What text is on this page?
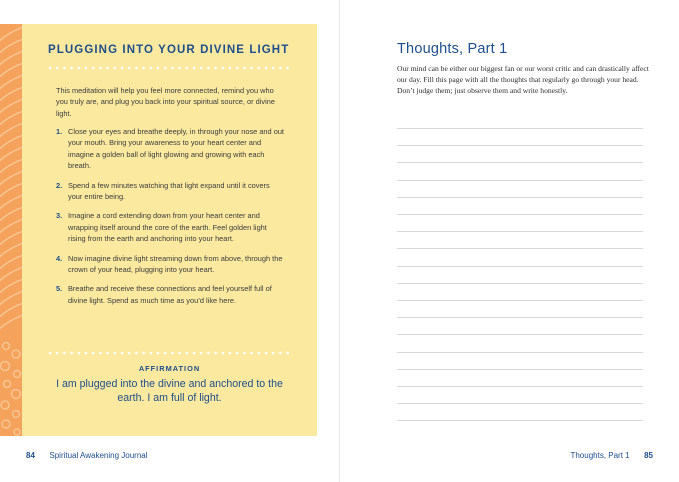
PLUGGING INTO YOUR DIVINE LIGHT
This meditation will help you feel more connected, remind you who you truly are, and plug you back into your spiritual source, or divine light.
1. Close your eyes and breathe deeply, in through your nose and out your mouth. Bring your awareness to your heart center and imagine a golden ball of light glowing and growing with each breath.
2. Spend a few minutes watching that light expand until it covers your entire being.
3. Imagine a cord extending down from your heart center and wrapping itself around the core of the earth. Feel golden light rising from the earth and anchoring into your heart.
4. Now imagine divine light streaming down from above, through the crown of your head, plugging into your heart.
5. Breathe and receive these connections and feel yourself full of divine light. Spend as much time as you’d like here.
AFFIRMATION
I am plugged into the divine and anchored to the earth. I am full of light.
84 Spiritual Awakening Journal
Thoughts, Part 1
Our mind can be either our biggest fan or our worst critic and can drastically affect our day. Fill this page with all the thoughts that regularly go through your head. Don’t judge them; just observe them and write honestly.
Thoughts, Part 1 85
